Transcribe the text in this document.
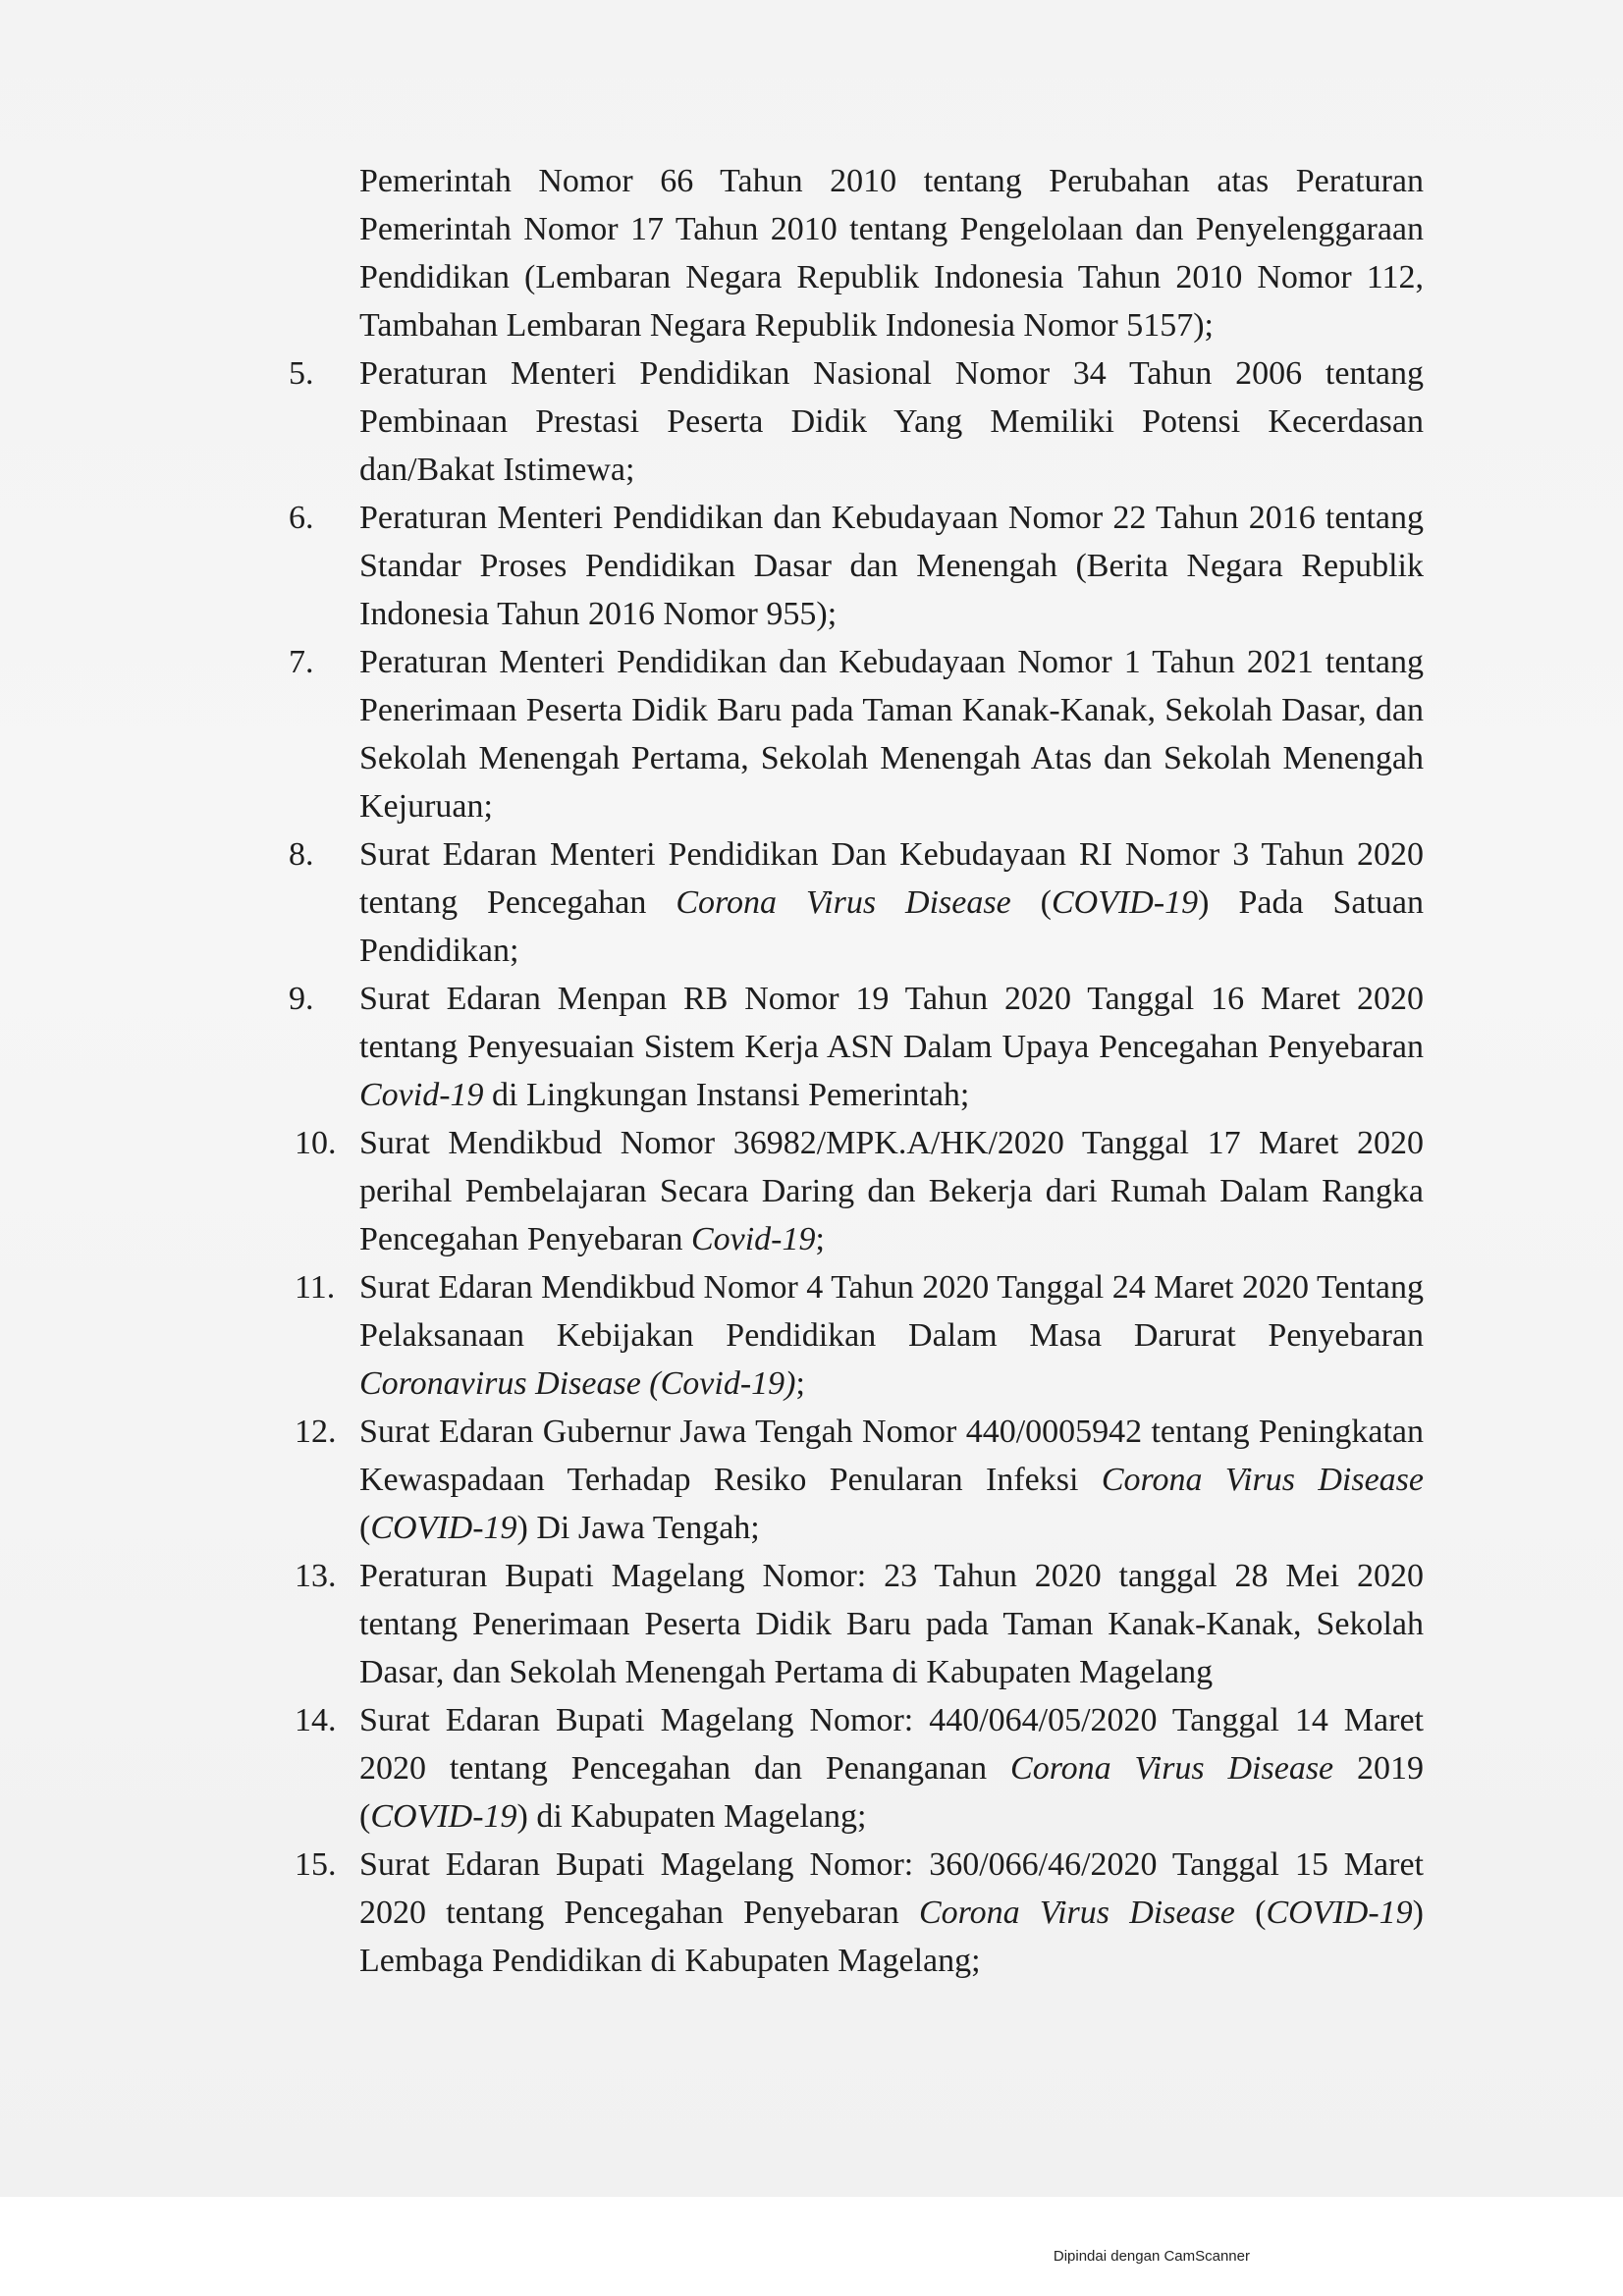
Pemerintah Nomor 66 Tahun 2010 tentang Perubahan atas Peraturan Pemerintah Nomor 17 Tahun 2010 tentang Pengelolaan dan Penyelenggaraan Pendidikan (Lembaran Negara Republik Indonesia Tahun 2010 Nomor 112, Tambahan Lembaran Negara Republik Indonesia Nomor 5157);

5.	Peraturan Menteri Pendidikan Nasional Nomor 34 Tahun 2006 tentang Pembinaan Prestasi Peserta Didik Yang Memiliki Potensi Kecerdasan dan/Bakat Istimewa;
6.	Peraturan Menteri Pendidikan dan Kebudayaan Nomor 22 Tahun 2016 tentang Standar Proses Pendidikan Dasar dan Menengah (Berita Negara Republik Indonesia Tahun 2016 Nomor 955);
7.	Peraturan Menteri Pendidikan dan Kebudayaan Nomor 1 Tahun 2021 tentang Penerimaan Peserta Didik Baru pada Taman Kanak-Kanak, Sekolah Dasar, dan Sekolah Menengah Pertama, Sekolah Menengah Atas dan Sekolah Menengah Kejuruan;
8.	Surat Edaran Menteri Pendidikan Dan Kebudayaan RI Nomor 3 Tahun 2020 tentang Pencegahan Corona Virus Disease (COVID-19) Pada Satuan Pendidikan;
9.	Surat Edaran Menpan RB Nomor 19 Tahun 2020 Tanggal 16 Maret 2020 tentang Penyesuaian Sistem Kerja ASN Dalam Upaya Pencegahan Penyebaran Covid-19 di Lingkungan Instansi Pemerintah;
10. Surat Mendikbud Nomor 36982/MPK.A/HK/2020 Tanggal 17 Maret 2020 perihal Pembelajaran Secara Daring dan Bekerja dari Rumah Dalam Rangka Pencegahan Penyebaran Covid-19;
11. Surat Edaran Mendikbud Nomor 4 Tahun 2020 Tanggal 24 Maret 2020 Tentang Pelaksanaan Kebijakan Pendidikan Dalam Masa Darurat Penyebaran Coronavirus Disease (Covid-19);
12. Surat Edaran Gubernur Jawa Tengah Nomor 440/0005942 tentang Peningkatan Kewaspadaan Terhadap Resiko Penularan Infeksi Corona Virus Disease (COVID-19) Di Jawa Tengah;
13. Peraturan Bupati Magelang Nomor: 23 Tahun 2020 tanggal 28 Mei 2020 tentang Penerimaan Peserta Didik Baru pada Taman Kanak-Kanak, Sekolah Dasar, dan Sekolah Menengah Pertama di Kabupaten Magelang
14. Surat Edaran Bupati Magelang Nomor: 440/064/05/2020 Tanggal 14 Maret 2020 tentang Pencegahan dan Penanganan Corona Virus Disease 2019 (COVID-19) di Kabupaten Magelang;
15. Surat Edaran Bupati Magelang Nomor: 360/066/46/2020 Tanggal 15 Maret 2020 tentang Pencegahan Penyebaran Corona Virus Disease (COVID-19) Lembaga Pendidikan di Kabupaten Magelang;
Dipindai dengan CamScanner
